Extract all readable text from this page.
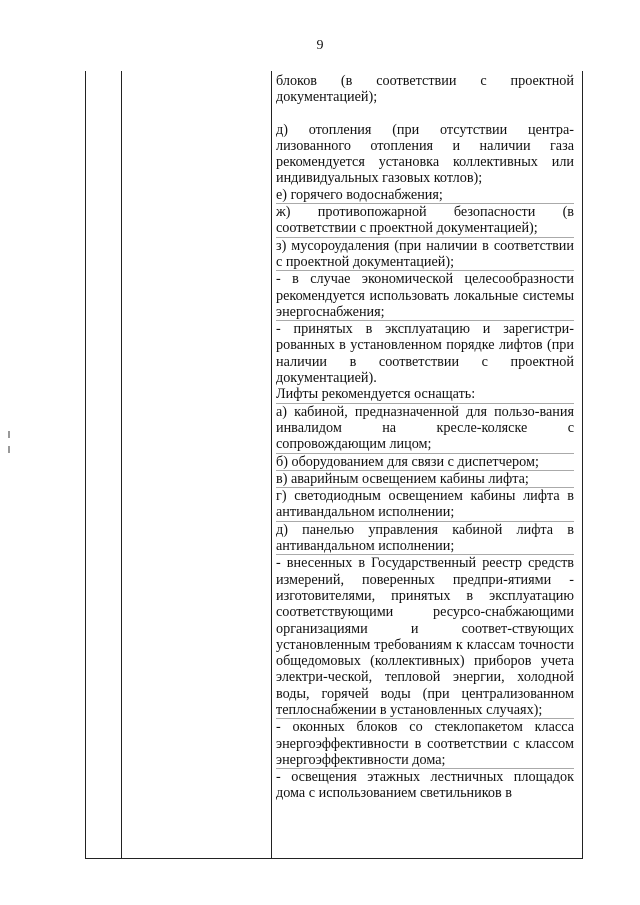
9

блоков (в соответствии с проектной документацией);

д) отопления (при отсутствии центра-лизованного отопления и наличии газа рекомендуется установка коллективных или индивидуальных газовых котлов);

е) горячего водоснабжения;

ж) противопожарной безопасности (в соответствии с проектной документацией);

з) мусороудаления (при наличии в соответствии с проектной документацией);

- в случае экономической целесообразности рекомендуется использовать локальные системы энергоснабжения;

- принятых в эксплуатацию и зарегистри-рованных в установленном порядке лифтов (при наличии в соответствии с проектной документацией).

Лифты рекомендуется оснащать:

а) кабиной, предназначенной для пользо-вания инвалидом на кресле-коляске с сопровождающим лицом;

б) оборудованием для связи с диспетчером;

в) аварийным освещением кабины лифта;

г) светодиодным освещением кабины лифта в антивандальном исполнении;

д) панелью управления кабиной лифта в антивандальном исполнении;

- внесенных в Государственный реестр средств измерений, поверенных предпри-ятиями - изготовителями, принятых в эксплуатацию соответствующими ресурсо-снабжающими организациями и соответ-ствующих установленным требованиям к классам точности общедомовых (коллективных) приборов учета электри-ческой, тепловой энергии, холодной воды, горячей воды (при централизованном теплоснабжении в установленных случаях);

- оконных блоков со стеклопакетом класса энергоэффективности в соответствии с классом энергоэффективности дома;

- освещения этажных лестничных площадок дома с использованием светильников в
